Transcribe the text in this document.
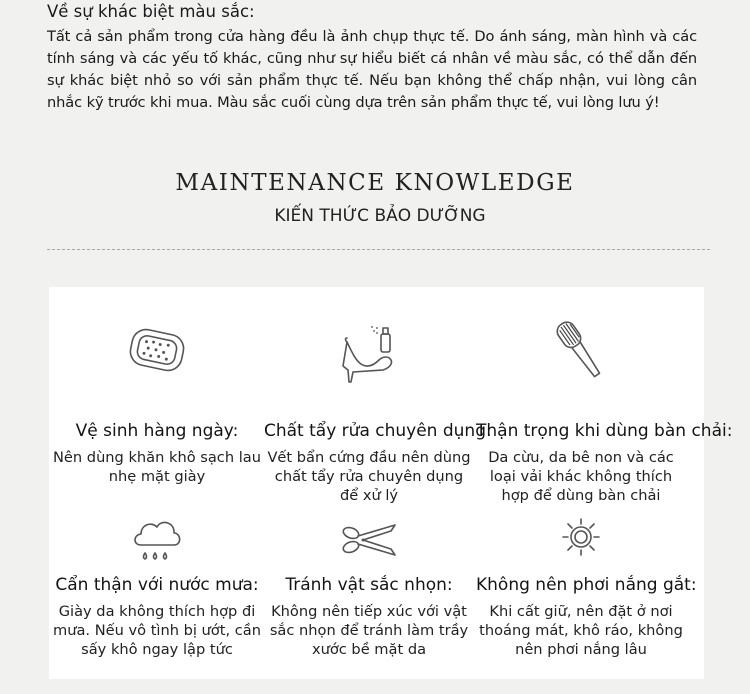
Về sự khác biệt màu sắc:
Tất cả sản phẩm trong cửa hàng đều là ảnh chụp thực tế. Do ánh sáng, màn hình và các tính sáng và các yếu tố khác, cũng như sự hiểu biết cá nhân về màu sắc, có thể dẫn đến sự khác biệt nhỏ so với sản phẩm thực tế. Nếu bạn không thể chấp nhận, vui lòng cân nhắc kỹ trước khi mua. Màu sắc cuối cùng dựa trên sản phẩm thực tế, vui lòng lưu ý!
MAINTENANCE KNOWLEDGE
KIẾN THỨC BẢO DƯỠNG
Vệ sinh hàng ngày:
Nên dùng khăn khô sạch lau nhẹ mặt giày
Chất tẩy rửa chuyên dụng:
Vết bẩn cứng đầu nên dùng chất tẩy rửa chuyên dụng để xử lý
Thận trọng khi dùng bàn chải:
Da cừu, da bê non và các loại vải khác không thích hợp để dùng bàn chải
Cẩn thận với nước mưa:
Giày da không thích hợp đi mưa. Nếu vô tình bị ướt, cần sấy khô ngay lập tức
Tránh vật sắc nhọn:
Không nên tiếp xúc với vật sắc nhọn để tránh làm trầy xước bề mặt da
Không nên phơi nắng gắt:
Khi cất giữ, nên đặt ở nơi thoáng mát, khô ráo, không nên phơi nắng lâu
